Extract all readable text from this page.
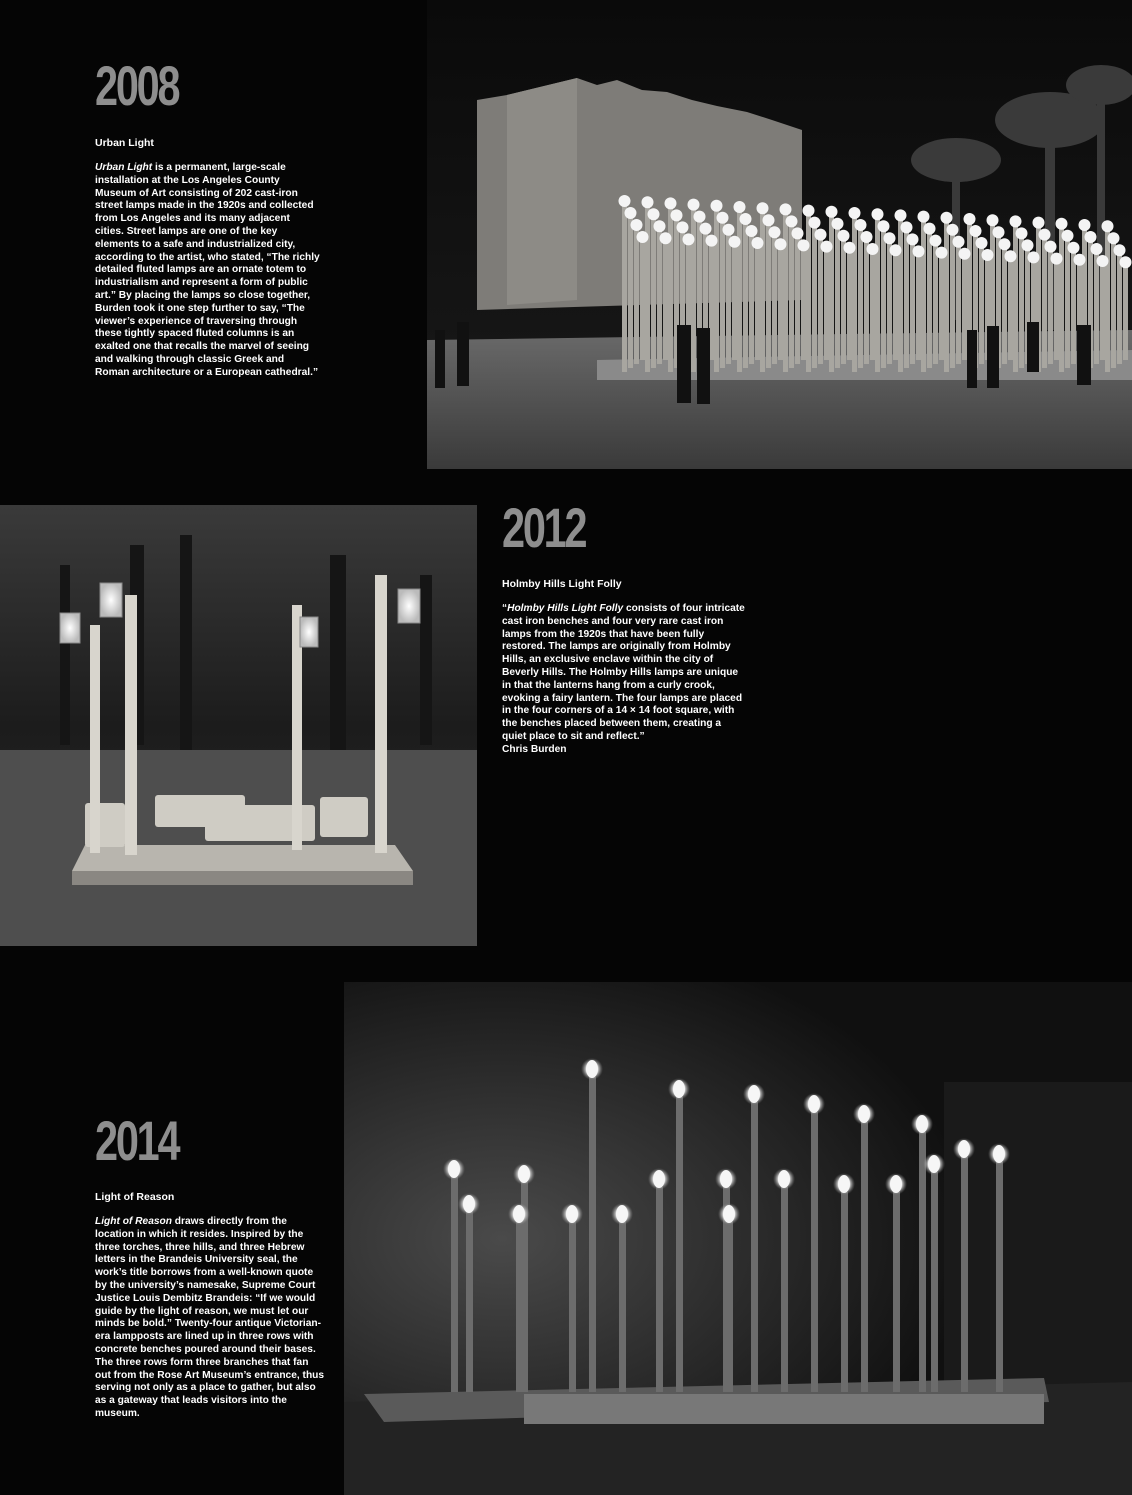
2008
Urban Light

Urban Light is a permanent, large-scale installation at the Los Angeles County Museum of Art consisting of 202 cast-iron street lamps made in the 1920s and collected from Los Angeles and its many adjacent cities. Street lamps are one of the key elements to a safe and industrialized city, according to the artist, who stated, “The richly detailed fluted lamps are an ornate totem to industrialism and represent a form of public art.” By placing the lamps so close together, Burden took it one step further to say, “The viewer’s experience of traversing through these tightly spaced fluted columns is an exalted one that recalls the marvel of seeing and walking through classic Greek and Roman architecture or a European cathedral.”

2012
Holmby Hills Light Folly

“Holmby Hills Light Folly consists of four intricate cast iron benches and four very rare cast iron lamps from the 1920s that have been fully restored. The lamps are originally from Holmby Hills, an exclusive enclave within the city of Beverly Hills. The Holmby Hills lamps are unique in that the lanterns hang from a curly crook, evoking a fairy lantern. The four lamps are placed in the four corners of a 14 × 14 foot square, with the benches placed between them, creating a quiet place to sit and reflect.”
Chris Burden

2014
Light of Reason

Light of Reason draws directly from the location in which it resides. Inspired by the three torches, three hills, and three Hebrew letters in the Brandeis University seal, the work’s title borrows from a well-known quote by the university’s namesake, Supreme Court Justice Louis Dembitz Brandeis: “If we would guide by the light of reason, we must let our minds be bold.” Twenty-four antique Victorian-era lampposts are lined up in three rows with concrete benches poured around their bases. The three rows form three branches that fan out from the Rose Art Museum’s entrance, thus serving not only as a place to gather, but also as a gateway that leads visitors into the museum.
